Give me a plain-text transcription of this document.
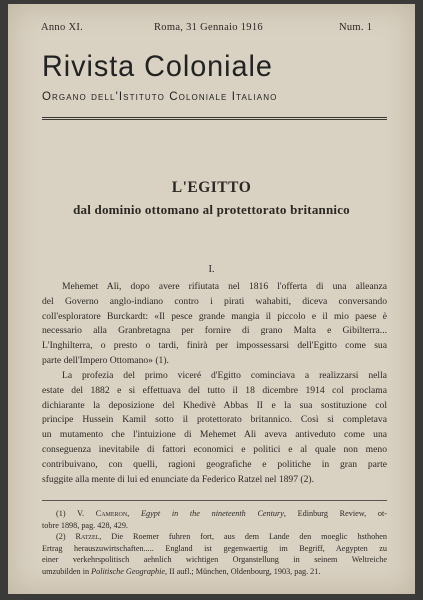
Anno XI.	Roma, 31 Gennaio 1916	Num. 1
Rivista Coloniale
Organo dell'Istituto Coloniale Italiano
L'EGITTO
dal dominio ottomano al protettorato britannico
I.
Mehemet Alì, dopo avere rifiutata nel 1816 l'offerta di una alleanza
del Governo anglo-indiano contro i pirati wahabiti, diceva conversando
coll'esploratore Burckardt: «Il pesce grande mangia il piccolo e il mio paese è
necessario alla Granbretagna per fornire di grano Malta e Gibilterra...
L'Inghilterra, o presto o tardi, finirà per impossessarsi dell'Egitto come sua
parte dell'Impero Ottomano» (1).
La profezia del primo viceré d'Egitto cominciava a realizzarsi nella
estate del 1882 e si effettuava del tutto il 18 dicembre 1914 col proclama
dichiarante la deposizione del Khedivè Abbas II e la sua sostituzione col
principe Hussein Kamil sotto il protettorato britannico. Così si completava
un mutamento che l'intuizione di Mehemet Alì aveva antiveduto come una
conseguenza inevitabile di fattori economici e politici e al quale non meno
contribuivano, con quelli, ragioni geografiche e politiche in gran parte
sfuggite alla mente di lui ed enunciate da Federico Ratzel nel 1897 (2).
(1) V. Cameron, Egypt in the nineteenth Century, Edinburg Review, ot-
tobre 1898, pag. 428, 429.
(2) Ratzel, Die Roemer fuhren fort, aus dem Lande den moeglic hsthohen
Ertrag herauszuwirtschaften..... England ist gegenwaertig im Begriff, Aegypten zu
einer verkehrspolitisch aehnlich wichtigen Organstellung in seinem Weltreiche
umzubilden in Politische Geographie, II aufl.; München, Oldenbourg, 1903, pag. 21.
